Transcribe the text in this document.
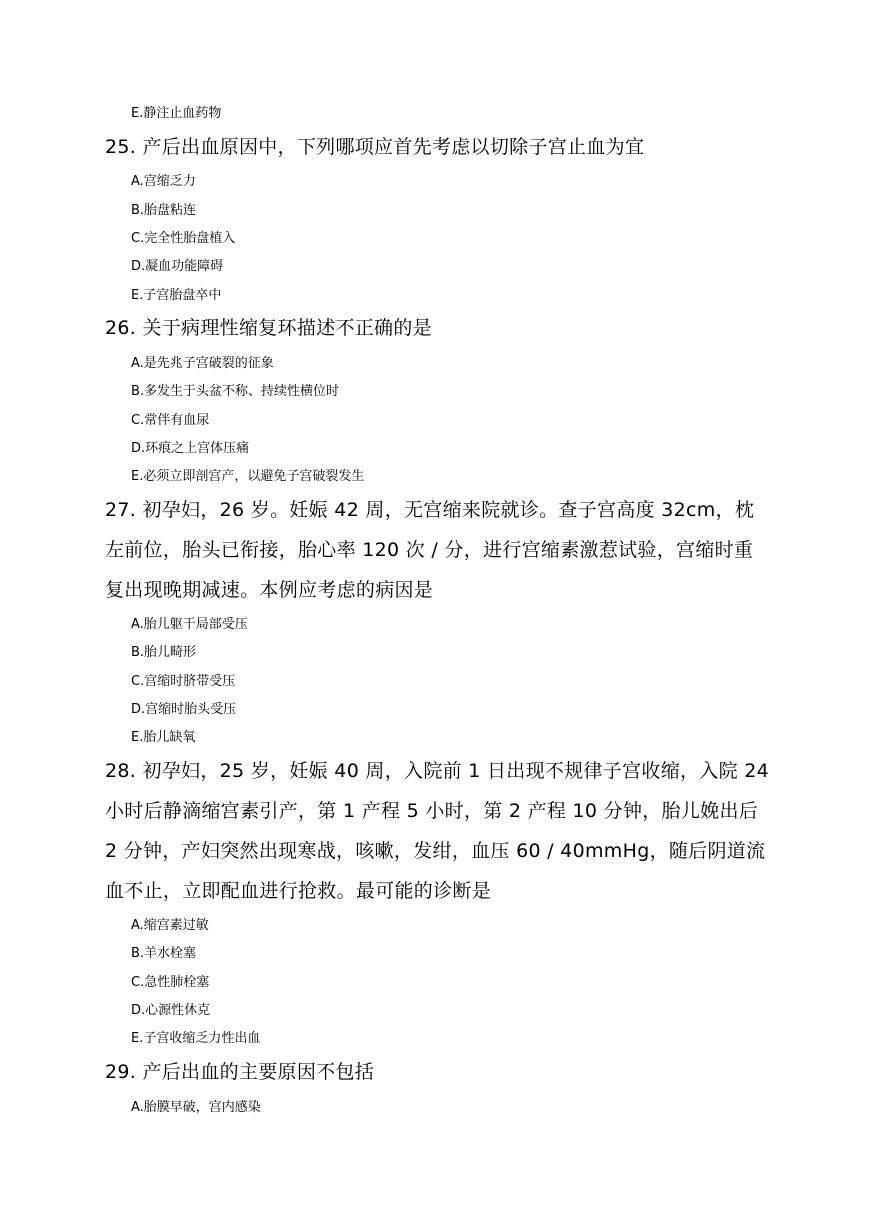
E.静注止血药物
25. 产后出血原因中，下列哪项应首先考虑以切除子宫止血为宜
A.宫缩乏力
B.胎盘粘连
C.完全性胎盘植入
D.凝血功能障碍
E.子宫胎盘卒中
26. 关于病理性缩复环描述不正确的是
A.是先兆子宫破裂的征象
B.多发生于头盆不称、持续性横位时
C.常伴有血尿
D.环痕之上宫体压痛
E.必须立即剖宫产，以避免子宫破裂发生
27. 初孕妇，26 岁。妊娠 42 周，无宫缩来院就诊。查子宫高度 32cm，枕左前位，胎头已衔接，胎心率 120 次 / 分，进行宫缩素激惹试验，宫缩时重复出现晚期减速。本例应考虑的病因是
A.胎儿躯干局部受压
B.胎儿畸形
C.宫缩时脐带受压
D.宫缩时胎头受压
E.胎儿缺氧
28. 初孕妇，25 岁，妊娠 40 周，入院前 1 日出现不规律子宫收缩，入院 24 小时后静滴缩宫素引产，第 1 产程 5 小时，第 2 产程 10 分钟，胎儿娩出后 2 分钟，产妇突然出现寒战，咳嗽，发绀，血压 60 / 40mmHg，随后阴道流血不止，立即配血进行抢救。最可能的诊断是
A.缩宫素过敏
B.羊水栓塞
C.急性肺栓塞
D.心源性休克
E.子宫收缩乏力性出血
29. 产后出血的主要原因不包括
A.胎膜早破，宫内感染
